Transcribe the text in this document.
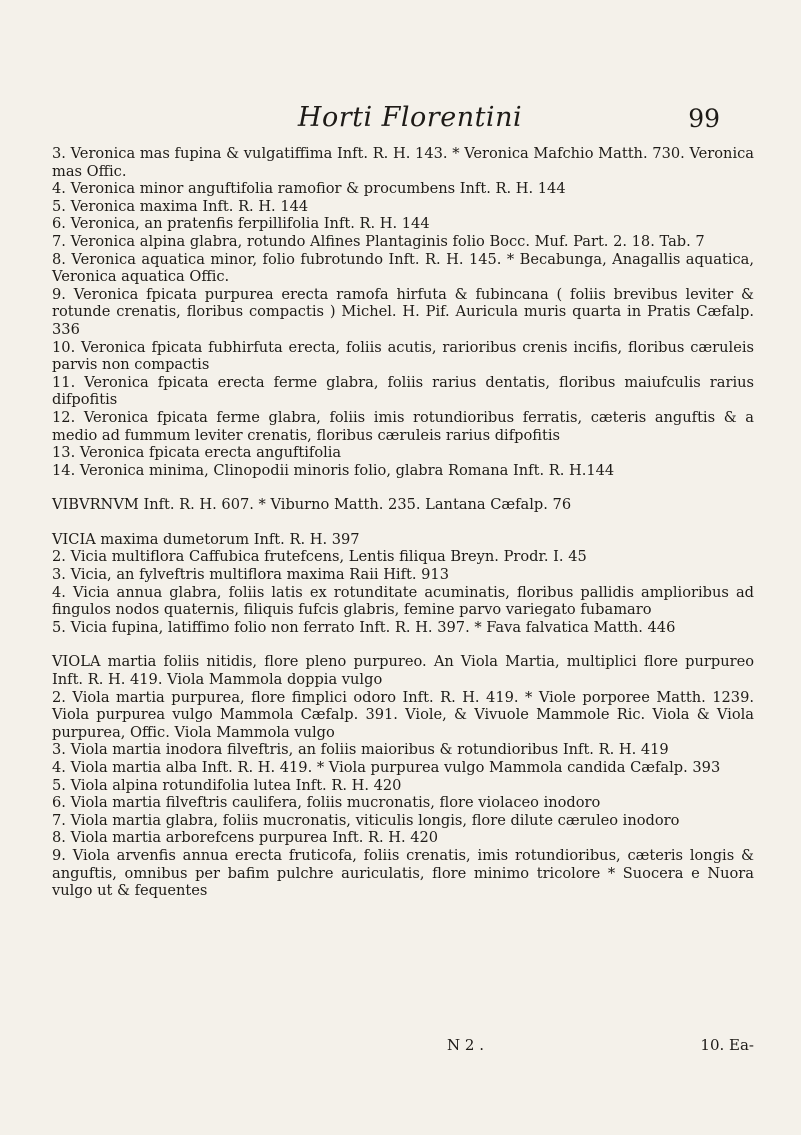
Horti Florentini	99

3. Veronica mas fupina & vulgatiffima Inft. R. H. 143. * Veronica Mafchio Matth. 730. Veronica mas Offic.

4. Veronica minor anguftifolia ramofior & procumbens Inft. R. H. 144

5. Veronica maxima Inft. R. H. 144

6. Veronica, an pratenfis ferpillifolia Inft. R. H. 144

7. Veronica alpina glabra, rotundo Alfines Plantaginis folio Bocc. Muf. Part. 2. 18. Tab. 7

8. Veronica aquatica minor, folio fubrotundo Inft. R. H. 145. * Becabunga, Anagallis aquatica, Veronica aquatica Offic.

9. Veronica fpicata purpurea erecta ramofa hirfuta & fubincana ( foliis brevibus leviter & rotunde crenatis, floribus compactis ) Michel. H. Pif. Auricula muris quarta in Pratis Cæfalp. 336

10. Veronica fpicata fubhirfuta erecta, foliis acutis, rarioribus crenis incifis, floribus cæruleis parvis non compactis

11. Veronica fpicata erecta ferme glabra, foliis rarius dentatis, floribus maiufculis rarius difpofitis

12. Veronica fpicata ferme glabra, foliis imis rotundioribus ferratis, cæteris anguftis & a medio ad fummum leviter crenatis, floribus cæruleis rarius difpofitis

13. Veronica fpicata erecta anguftifolia

14. Veronica minima, Clinopodii minoris folio, glabra Romana Inft. R. H.144

VIBVRNVM Inft. R. H. 607. * Viburno Matth. 235. Lantana Cæfalp. 76

VICIA maxima dumetorum Inft. R. H. 397

2. Vicia multiflora Caffubica frutefcens, Lentis filiqua Breyn. Prodr. I. 45

3. Vicia, an fylveftris multiflora maxima Raii Hift. 913

4. Vicia annua glabra, foliis latis ex rotunditate acuminatis, floribus pallidis amplioribus ad fingulos nodos quaternis, filiquis fufcis glabris, femine parvo variegato fubamaro

5. Vicia fupina, latiffimo folio non ferrato Inft. R. H. 397. * Fava falvatica Matth. 446

VIOLA martia foliis nitidis, flore pleno purpureo. An Viola Martia, multiplici flore purpureo Inft. R. H. 419. Viola Mammola doppia vulgo

2. Viola martia purpurea, flore fimplici odoro Inft. R. H. 419. * Viole porporee Matth. 1239. Viola purpurea vulgo Mammola Cæfalp. 391. Viole, & Vivuole Mammole Ric. Viola & Viola purpurea, Offic. Viola Mammola vulgo

3. Viola martia inodora filveftris, an foliis maioribus & rotundioribus Inft. R. H. 419

4. Viola martia alba Inft. R. H. 419. * Viola purpurea vulgo Mammola candida Cæfalp. 393

5. Viola alpina rotundifolia lutea Inft. R. H. 420

6. Viola martia filveftris caulifera, foliis mucronatis, flore violaceo inodoro

7. Viola martia glabra, foliis mucronatis, viticulis longis, flore dilute cæruleo inodoro

8. Viola martia arborefcens purpurea Inft. R. H. 420

9. Viola arvenfis annua erecta fruticofa, foliis crenatis, imis rotundioribus, cæteris longis & anguftis, omnibus per bafim pulchre auriculatis, flore minimo tricolore * Suocera e Nuora vulgo ut & fequentes

N 2 .	10. Ea-
